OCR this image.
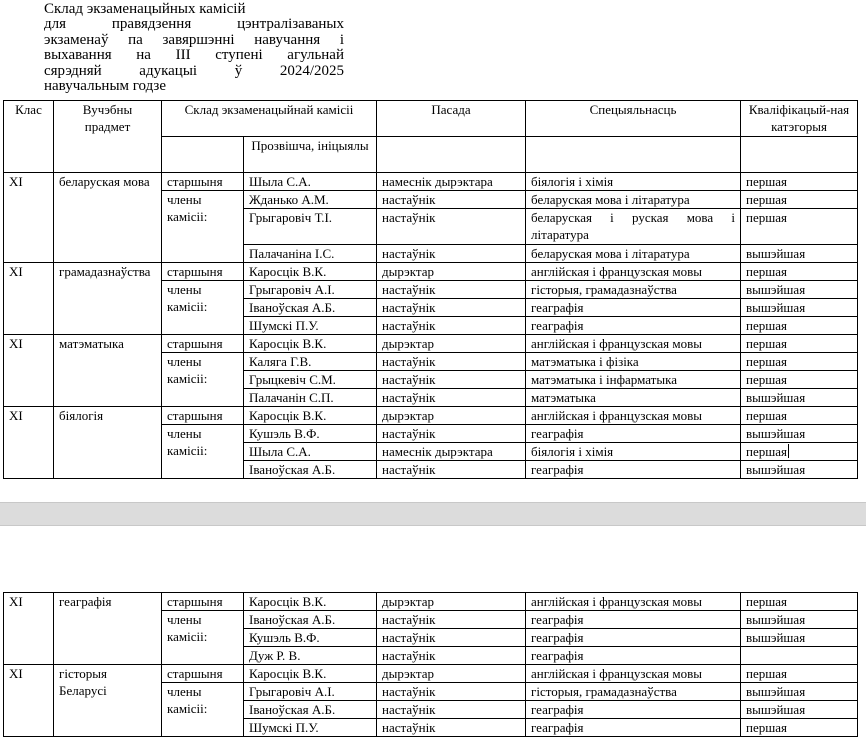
Склад экзаменацыйных камісій
для правядзення цэнтралізаваных
экзаменаў па завяршэнні навучання і
выхавання на ІІІ ступені агульнай
сярэдняй адукацыі ў 2024/2025
навучальным годзе
Клас	Вучэбны прадмет	Склад экзаменацыйнай камісіі		Пасада	Спецыяльнасць	Кваліфікацый-ная катэгорыя
			Прозвішча, ініцыялы			
XI	беларуская мова	старшыня	Шыла С.А.	намеснік дырэктара	біялогія і хімія	першая
		члены камісіі:	Жданько А.М.	настаўнік	беларуская мова і літаратура	першая
			Грыгаровіч Т.І.	настаўнік	беларуская і руская мова і літаратура	першая
			Палачаніна І.С.	настаўнік	беларуская мова і літаратура	вышэйшая
XI	грамадазнаўства	старшыня	Каросцік В.К.	дырэктар	англійская і французская мовы	першая
		члены камісіі:	Грыгаровіч А.І.	настаўнік	гісторыя, грамадазнаўства	вышэйшая
			Іваноўская А.Б.	настаўнік	геаграфія	вышэйшая
			Шумскі П.У.	настаўнік	геаграфія	першая
XI	матэматыка	старшыня	Каросцік В.К.	дырэктар	англійская і французская мовы	першая
		члены камісіі:	Каляга Г.В.	настаўнік	матэматыка і фізіка	першая
			Грыцкевіч С.М.	настаўнік	матэматыка і інфарматыка	першая
			Палачанін С.П.	настаўнік	матэматыка	вышэйшая
XI	біялогія	старшыня	Каросцік В.К.	дырэктар	англійская і французская мовы	першая
		члены камісіі:	Кушэль В.Ф.	настаўнік	геаграфія	вышэйшая
			Шыла С.А.	намеснік дырэктара	біялогія і хімія	першая
			Іваноўская А.Б.	настаўнік	геаграфія	вышэйшая
XI	геаграфія	старшыня	Каросцік В.К.	дырэктар	англійская і французская мовы	першая
		члены камісіі:	Іваноўская А.Б.	настаўнік	геаграфія	вышэйшая
			Кушэль В.Ф.	настаўнік	геаграфія	вышэйшая
			Дуж Р. В.	настаўнік	геаграфія	
XI	гісторыя Беларусі	старшыня	Каросцік В.К.	дырэктар	англійская і французская мовы	першая
		члены камісіі:	Грыгаровіч А.І.	настаўнік	гісторыя, грамадазнаўства	вышэйшая
			Іваноўская А.Б.	настаўнік	геаграфія	вышэйшая
			Шумскі П.У.	настаўнік	геаграфія	першая
